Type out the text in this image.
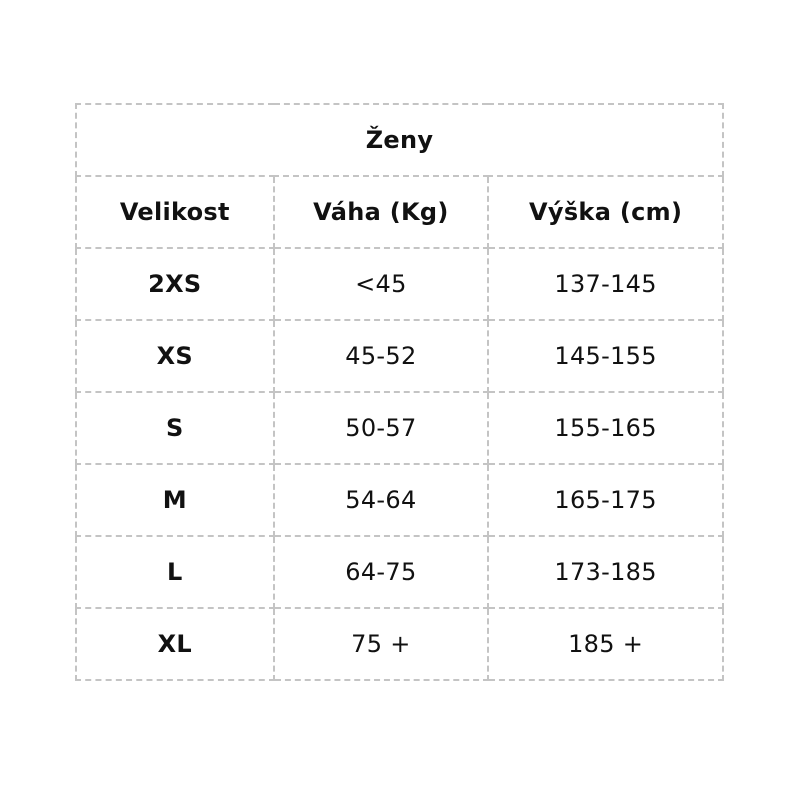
Ženy		
Velikost	Váha (Kg)	Výška (cm)
2XS	<45	137-145
XS	45-52	145-155
S	50-57	155-165
M	54-64	165-175
L	64-75	173-185
XL	75 +	185 +
